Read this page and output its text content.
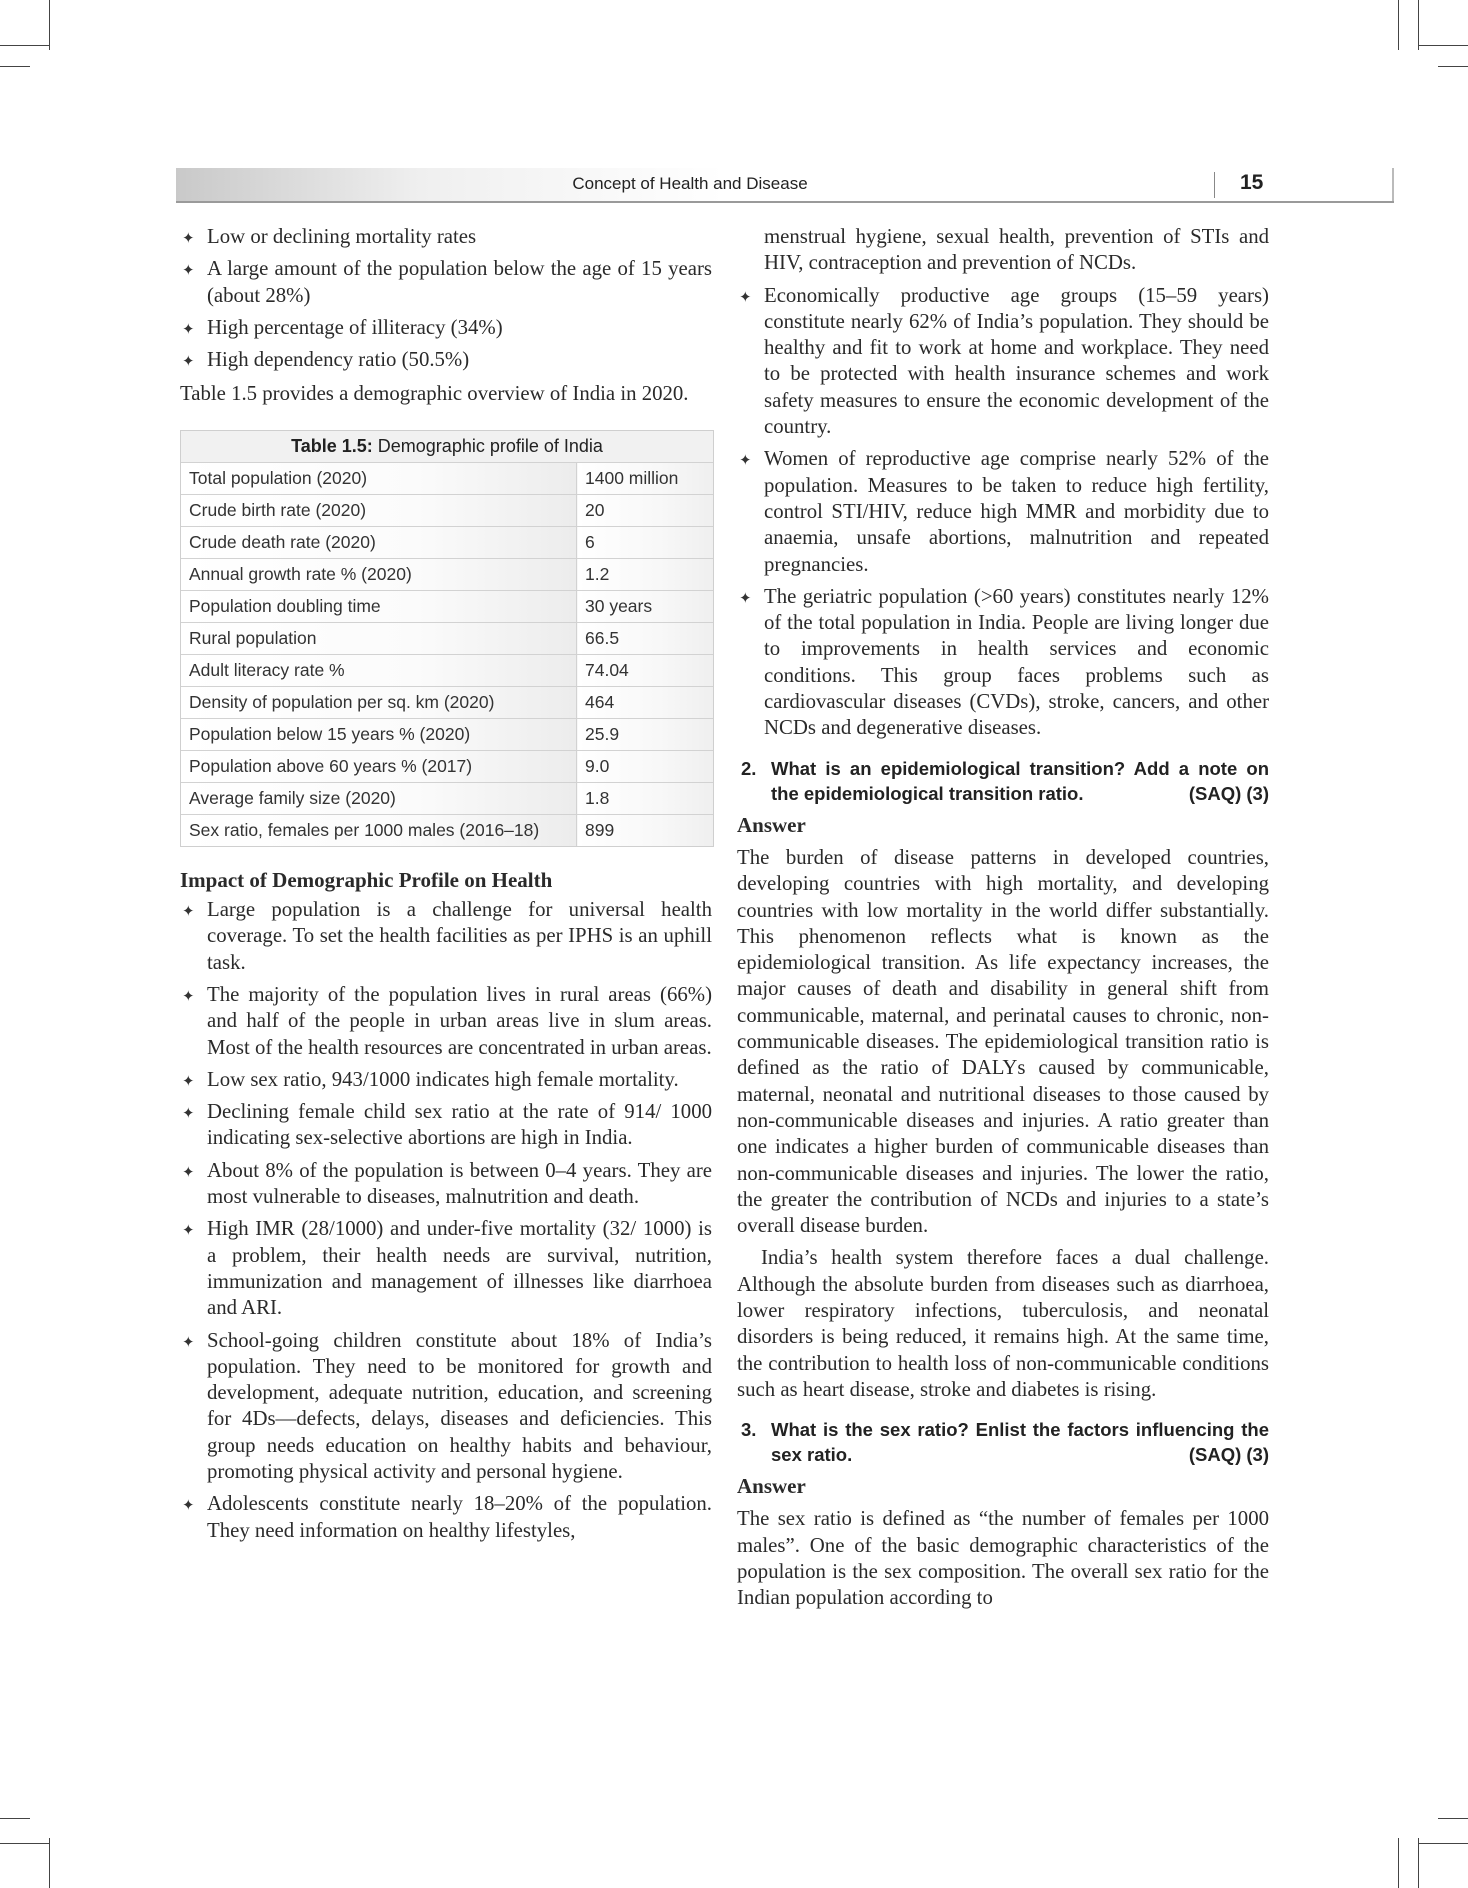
Concept of Health and Disease	15
✦ Low or declining mortality rates
✦ A large amount of the population below the age of 15 years (about 28%)
✦ High percentage of illiteracy (34%)
✦ High dependency ratio (50.5%)

Table 1.5 provides a demographic overview of India in 2020.

Table 1.5: Demographic profile of India
Total population (2020)	1400 million
Crude birth rate (2020)	20
Crude death rate (2020)	6
Annual growth rate % (2020)	1.2
Population doubling time	30 years
Rural population	66.5
Adult literacy rate %	74.04
Density of population per sq. km (2020)	464
Population below 15 years % (2020)	25.9
Population above 60 years % (2017)	9.0
Average family size (2020)	1.8
Sex ratio, females per 1000 males (2016–18)	899
Impact of Demographic Profile on Health
✦ Large population is a challenge for universal health coverage. To set the health facilities as per IPHS is an uphill task.
✦ The majority of the population lives in rural areas (66%) and half of the people in urban areas live in slum areas. Most of the health resources are concentrated in urban areas.
✦ Low sex ratio, 943/1000 indicates high female mortality.
✦ Declining female child sex ratio at the rate of 914/ 1000 indicating sex-selective abortions are high in India.
✦ About 8% of the population is between 0–4 years. They are most vulnerable to diseases, malnutrition and death.
✦ High IMR (28/1000) and under-five mortality (32/ 1000) is a problem, their health needs are survival, nutrition, immunization and management of illnesses like diarrhoea and ARI.
✦ School-going children constitute about 18% of India’s population. They need to be monitored for growth and development, adequate nutrition, education, and screening for 4Ds—defects, delays, diseases and deficiencies. This group needs education on healthy habits and behaviour, promoting physical activity and personal hygiene.
✦ Adolescents constitute nearly 18–20% of the population. They need information on healthy lifestyles,

menstrual hygiene, sexual health, prevention of STIs and HIV, contraception and prevention of NCDs.

✦ Economically productive age groups (15–59 years) constitute nearly 62% of India’s population. They should be healthy and fit to work at home and workplace. They need to be protected with health insurance schemes and work safety measures to ensure the economic development of the country.
✦ Women of reproductive age comprise nearly 52% of the population. Measures to be taken to reduce high fertility, control STI/HIV, reduce high MMR and morbidity due to anaemia, unsafe abortions, malnutrition and repeated pregnancies.
✦ The geriatric population (>60 years) constitutes nearly 12% of the total population in India. People are living longer due to improvements in health services and economic conditions. This group faces problems such as cardiovascular diseases (CVDs), stroke, cancers, and other NCDs and degenerative diseases.
2. What is an epidemiological transition? Add a note on the epidemiological transition ratio.	(SAQ) (3)
Answer

The burden of disease patterns in developed countries, developing countries with high mortality, and developing countries with low mortality in the world differ substantially. This phenomenon reflects what is known as the epidemiological transition. As life expectancy increases, the major causes of death and disability in general shift from communicable, maternal, and perinatal causes to chronic, non-communicable diseases. The epidemiological transition ratio is defined as the ratio of DALYs caused by communicable, maternal, neonatal and nutritional diseases to those caused by non-communicable diseases and injuries. A ratio greater than one indicates a higher burden of communicable diseases than non-communicable diseases and injuries. The lower the ratio, the greater the contribution of NCDs and injuries to a state’s overall disease burden.

India’s health system therefore faces a dual challenge. Although the absolute burden from diseases such as diarrhoea, lower respiratory infections, tuberculosis, and neonatal disorders is being reduced, it remains high. At the same time, the contribution to health loss of non-communicable conditions such as heart disease, stroke and diabetes is rising.

3. What is the sex ratio? Enlist the factors influencing the sex ratio.	(SAQ) (3)
Answer

The sex ratio is defined as “the number of females per 1000 males”. One of the basic demographic characteristics of the population is the sex composition. The overall sex ratio for the Indian population according to
